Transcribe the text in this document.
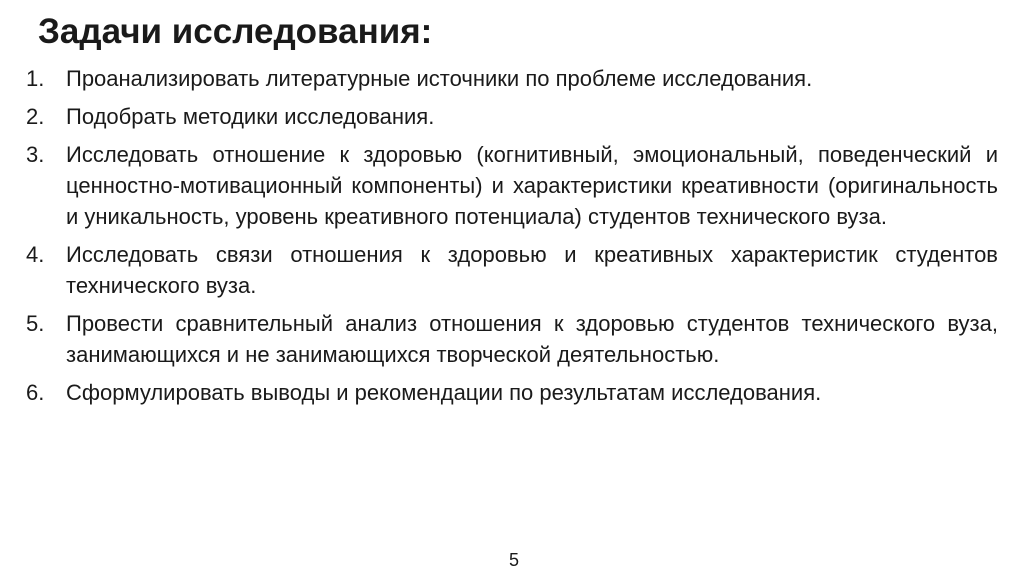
Задачи исследования:
1. Проанализировать литературные источники по проблеме исследования.
2. Подобрать методики исследования.
3. Исследовать отношение к здоровью (когнитивный, эмоциональный, поведенческий и ценностно-мотивационный компоненты) и характеристики креативности (оригинальность и уникальность, уровень креативного потенциала) студентов технического вуза.
4. Исследовать связи отношения к здоровью и креативных характеристик студентов технического вуза.
5. Провести сравнительный анализ отношения к здоровью студентов технического вуза, занимающихся и не занимающихся творческой деятельностью.
6. Сформулировать выводы и рекомендации по результатам исследования.
5
